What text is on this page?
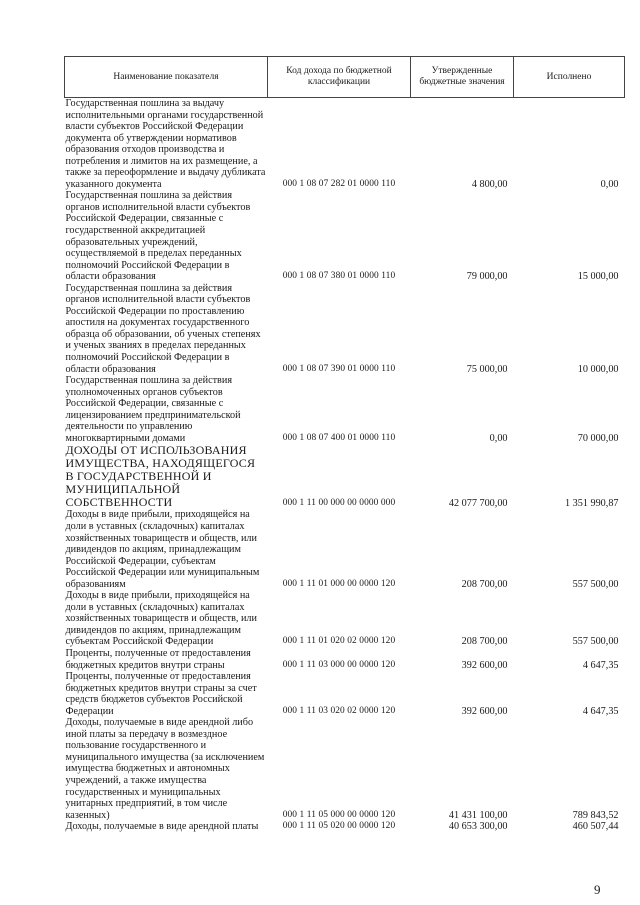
Наименование показателя	Код дохода по бюджетной классификации	Утвержденные бюджетные значения	Исполнено
Государственная пошлина за выдачу исполнительными органами государственной власти субъектов Российской Федерации документа об утверждении нормативов образования отходов производства и потребления и лимитов на их размещение, а также за переоформление и выдачу дубликата указанного документа	000 1 08 07 282 01 0000 110	4 800,00	0,00
Государственная пошлина за действия органов исполнительной власти субъектов Российской Федерации, связанные с государственной аккредитацией образовательных учреждений, осуществляемой в пределах переданных полномочий Российской Федерации в области образования	000 1 08 07 380 01 0000 110	79 000,00	15 000,00
Государственная пошлина за действия органов исполнительной власти субъектов Российской Федерации по проставлению апостиля на документах государственного образца об образовании, об ученых степенях и ученых званиях в пределах переданных полномочий Российской Федерации в области образования	000 1 08 07 390 01 0000 110	75 000,00	10 000,00
Государственная пошлина за действия уполномоченных органов субъектов Российской Федерации, связанные с лицензированием предпринимательской деятельности по управлению многоквартирными домами	000 1 08 07 400 01 0000 110	0,00	70 000,00
ДОХОДЫ ОТ ИСПОЛЬЗОВАНИЯ ИМУЩЕСТВА, НАХОДЯЩЕГОСЯ В ГОСУДАРСТВЕННОЙ И МУНИЦИПАЛЬНОЙ СОБСТВЕННОСТИ	000 1 11 00 000 00 0000 000	42 077 700,00	1 351 990,87
Доходы в виде прибыли, приходящейся на доли в уставных (складочных) капиталах хозяйственных товариществ и обществ, или дивидендов по акциям, принадлежащим Российской Федерации, субъектам Российской Федерации или муниципальным образованиям	000 1 11 01 000 00 0000 120	208 700,00	557 500,00
Доходы в виде прибыли, приходящейся на доли в уставных (складочных) капиталах хозяйственных товариществ и обществ, или дивидендов по акциям, принадлежащим субъектам Российской Федерации	000 1 11 01 020 02 0000 120	208 700,00	557 500,00
Проценты, полученные от предоставления бюджетных кредитов внутри страны	000 1 11 03 000 00 0000 120	392 600,00	4 647,35
Проценты, полученные от предоставления бюджетных кредитов внутри страны за счет средств бюджетов субъектов Российской Федерации	000 1 11 03 020 02 0000 120	392 600,00	4 647,35
Доходы, получаемые в виде арендной либо иной платы за передачу в возмездное пользование государственного и муниципального имущества (за исключением имущества бюджетных и автономных учреждений, а также имущества государственных и муниципальных унитарных предприятий, в том числе казенных)	000 1 11 05 000 00 0000 120	41 431 100,00	789 843,52
Доходы, получаемые в виде арендной платы	000 1 11 05 020 00 0000 120	40 653 300,00	460 507,44
9
